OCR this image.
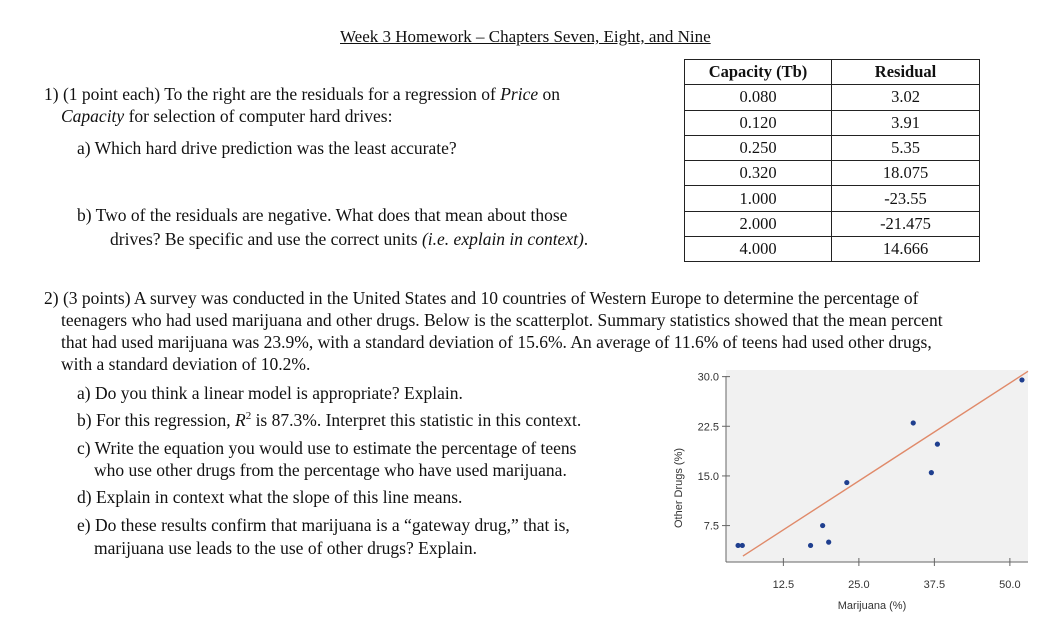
Week 3 Homework – Chapters Seven, Eight, and Nine
1) (1 point each) To the right are the residuals for a regression of Price on
Capacity for selection of computer hard drives:
a) Which hard drive prediction was the least accurate?
b) Two of the residuals are negative. What does that mean about those
drives? Be specific and use the correct units (i.e. explain in context).
Capacity (Tb)	Residual
0.080	3.02
0.120	3.91
0.250	5.35
0.320	18.075
1.000	-23.55
2.000	-21.475
4.000	14.666
2) (3 points) A survey was conducted in the United States and 10 countries of Western Europe to determine the percentage of
teenagers who had used marijuana and other drugs. Below is the scatterplot. Summary statistics showed that the mean percent
that had used marijuana was 23.9%, with a standard deviation of 15.6%. An average of 11.6% of teens had used other drugs,
with a standard deviation of 10.2%.
a) Do you think a linear model is appropriate? Explain.
b) For this regression, $R^2$ is 87.3%. Interpret this statistic in this context.
c) Write the equation you would use to estimate the percentage of teens
who use other drugs from the percentage who have used marijuana.
d) Explain in context what the slope of this line means.
e) Do these results confirm that marijuana is a “gateway drug,” that is,
marijuana use leads to the use of other drugs? Explain.
7.5
15.0
22.5
30.0
12.5	25.0	37.5	50.0
Marijuana (%)
Other Drugs (%)
